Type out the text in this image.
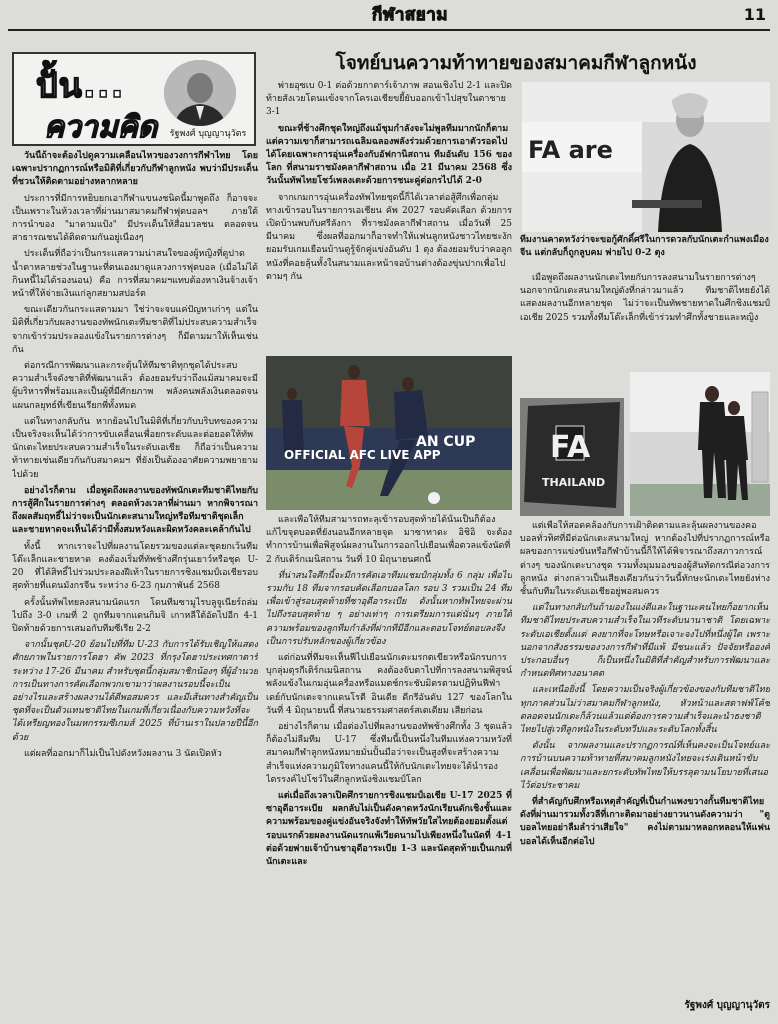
กีฬาสยาม	11
ปั้น...
ความคิด	รัฐพงศ์ บุญญานุวัตร
โจทย์บนความท้าทายของสมาคมกีฬาลูกหนัง

วันนี้ถ้าจะต้องไปดูความเคลื่อนไหวของวงการกีฬาไทย โดยเฉพาะปรากฏการณ์หรือมิติที่เกี่ยวกับกีฬาลูกหนัง พบว่ามีประเด็นที่ชวนให้ติดตามอย่างหลากหลาย

ประการที่มีการหยิบยกเอากีฬาแขนงชนิดนี้มาพูดถึง ก็อาจจะเป็นเพราะในห้วงเวลาที่ผ่านมาสมาคมกีฬาฟุตบอลฯ ภายใต้การนำของ "มาดามแป้ง" มีประเด็นให้สื่อมวลชน ตลอดจนสาธารณชนได้ติดตามกันอยู่เนืองๆ

ประเด็นที่ถือว่าเป็นกระแสความน่าสนใจของผู้หญิงที่ดูปาดน้ำตาหลายช่วงในฐานะที่ตนเองมาดูแลวงการฟุตบอล (เมื่อไม่ได้กินหนี้ไม่ได้รองนอน) คือ การที่สมาคมฯแทบต้องหาเงินจ้างเจ้าหน้าที่ให้จ่ายเงินแก่ลูกสยามสปอร์ต

ขณะเดียวกันกระแสตามมา ใช่ว่าจะจบแค่ปัญหาเก่าๆ แต่ในมิติที่เกี่ยวกับผลงานของทัพนักเตะทีมชาติที่ไม่ประสบความสำเร็จ จากเข้าร่วมประลองแข้งในรายการต่างๆ ก็มีตามมาให้เห็นเช่นกัน

ต่อกรณีการพัฒนาและกระตุ้นให้ทีมชาติทุกชุดได้ประสบความสำเร็จดังชาติที่พัฒนาแล้ว ต้องยอมรับว่าถึงแม้สมาคมจะมีผู้บริหารที่พร้อมและเป็นผู้ที่มีศักยภาพ พลังคนพลังเงินตลอดจนแผนกลยุทธ์ที่เขียนเรียกพี่ทั้งหมด

แต่ในทางกลับกัน หากย้อนไปในมิติที่เกี่ยวกับบริบทของความเป็นจริงจะเห็นได้ว่าการขับเคลื่อนเพื่อยกระดับและต่อยอดให้ทัพนักเตะไทยประสบความสำเร็จในระดับเอเชีย ก็ถือว่าเป็นความท้าทายเช่นเดียวกันกับสมาคมฯ ที่ยังเป็นต้องอาศัยความพยายามไปด้วย

อย่างไรก็ตาม เมื่อพูดถึงผลงานของทัพนักเตะทีมชาติไทยกับการสู้ศึกในรายการต่างๆ ตลอดห้วงเวลาที่ผ่านมา หากพิจารณาถึงผลสัมฤทธิ์ไม่ว่าจะเป็นนักเตะสนามใหญ่หรือทีมชาติชุดเล็กและชายหาดจะเห็นได้ว่ามีทั้งสมหวังและผิดหวังคละเคล้ากันไป

ทั้งนี้ หากเราจะไปที่ผลงานโดยรวมของแต่ละชุดยกเว้นทีมโต๊ะเล็กและชายหาด คงต้องเริ่มที่ทัพช้างศึกรุ่นเยาว์หรือชุด U-20 ที่ได้สิทธิ์ไปร่วมประลองฝีเท้าในรายการชิงแชมป์เอเชียรอบสุดท้ายที่แดนมังกรจีน ระหว่าง 6-23 กุมภาพันธ์ 2568

ครั้งนั้นทัพไทยลงสนามนัดแรก โดนทีมซามูไรบลูจูเนียร์ถล่มไปถึง 3-0 เกมที่ 2 ถูกทีมจากแดนกิมจิ เกาหลีใต้อัดไปอีก 4-1 ปิดท้ายด้วยการเสมอกับทีมซีเรีย 2-2

จากนั้นชุดU-20 ย้อนไปที่ทีม U-23 กับการได้รับเชิญให้แสดงศักยภาพในรายการโตฮา คัพ 2023 ที่กรุงโดฮาประเทศกาตาร์ ระหว่าง 17-26 มีนาคม สำหรับชุดนี้กลุ่มสมาชิกน้องๆ ที่ผู้อำนวยการเป็นทางการคัดเลือกพวกเขามาว่าผลงานรอบนี้จะเป็นอย่างไรและสร้างผลงานได้ดีพอสมควร และมีเส้นทางสำคัญเป็นชุดที่จะเป็นตัวแทนชาติไทยในเกมที่เกี่ยวเนื่องกับความหวังที่จะได้เหรียญทองในมหกรรมซีเกมส์ 2025 ที่บ้านเราในปลายปีนี้อีกด้วย

แต่ผลที่ออกมาก็ไม่เป็นไปดังหวังผลงาน 3 นัดเปิดหัว

พ่ายอุซเบ 0-1 ต่อด้วยกาตาร์เจ้าภาพ สอนเชิงไป 2-1 และปิดท้ายสังเวยโดนแข้งจากโครเอเชียขยี้ยับออกเข้าไปสุขในตาชาย 3-1

ขณะที่ช้างศึกชุดใหญ่ถึงแม้ชุมกำลังจะไม่พูลทีมมากนักก็ตามแต่ความเขาก็สามารถเฉลิมฉลองพลังร่วมด้วยการเอาตัวรอดไปได้โดยเฉพาะการอุ่นเครื่องกับอัฟกานิสถาน ทีมอันดับ 156 ของโลก ที่สนามราชมังคลากีฬาสถาน เมื่อ 21 มีนาคม 2568 ซึ่งวันนั้นทัพไทยโชว์เพลงเตะด้วยการชนะคู่ต่อกรไปได้ 2-0

จากเกมการอุ่นเครื่องทัพไทยชุดนี้ก็ได้เวลาต่อสู้ศึกเพื่อกลุ่มทางเข้ารอบในรายการเอเชียน คัพ 2027 รอบคัดเลือก ด้วยการเปิดบ้านพบกับศรีลังกา ที่ราชมังคลากีฬาสถาน เมื่อวันที่ 25 มีนาคม ซึ่งผลที่ออกมาก็อาจทำให้แฟนลูกหนังชาวไทยชะงักยอมรับเกมเยือนบ้านดูรู้จักคู่แข่งอันดับ 1 ตุง ต้องยอมรับว่าคอลูกหนังที่คอยลุ้นทั้งในสนามและหน้าจอบ้านต่างต้องขุ่นปากเพื่อไปตามๆ กัน

และเพื่อให้ทีมสามารถทะลุเข้ารอบสุดท้ายได้นั้นเป็นก็ต้องแก้ไขจุดบอดที่ยังนอนอีกหลายจุด มาซาทาดะ อิชิอิ จะต้องทำการบ้านเพื่อพิสูจน์ผลงานในการออกไปเยือนเพื่อตวลแข้งนัดที่ 2 กับเติร์กเมนิสถาน วันที่ 10 มิถุนายนศกนี้

ที่น่าสนใจศึกนี้จะมีการคัดเอาทีมแชมป์กลุ่มทั้ง 6 กลุ่ม เพื่อไปรวมกับ 18 ทีมจากรอบคัดเลือกบอลโลก รอบ 3 รวมเป็น 24 ทีมเพื่อเข้าสู่รอบสุดท้ายที่ซาอุดีอาระเบีย ดังนั้นหากทัพไทยจะผ่านไปถึงรอบสุดท้าย ๆ อย่างเท่าๆ การเตรียมการแต่นั่นๆ ภายใต้ความพร้อมของลูกทีมกำลังที่ฝากทีมีอีกและตอบโจทย์ตอบลงจึงเป็นการปรับหลักของผู้เกี่ยวข้อง

แต่ก่อนที่ทีมจะเห็นฟีไปเยือนนักเตะมรกตเขียวหรือนักรบการบุกลุ่มตุรกีเติร์กเมนิสถาน คงต้องจับตาไปที่การลงสนามพิสูจน์พลังแข้งในเกมอุ่นเครื่องหรือแมตช์กระชับมิตรตามปฏิทินฟีฟ่าเดย์กับนักเตะจากแดนโรตี อินเดีย ดีกรีอันดับ 127 ของโลกในวันที่ 4 มิถุนายนนี้ ที่สนามธรรมศาสตร์สเตเดียม เสียก่อน

อย่างไรก็ตาม เมื่อต่องไปที่ผลงานของทัพช้างศึกทั้ง 3 ชุดแล้วก็ต้องไม่ลืมทีม U-17 ซึ่งทีมนี้เป็นหนึ่งในทีมแห่งความหวังที่สมาคมกีฬาลูกหนังหมายมั่นปั้นมือว่าจะเป็นสูงที่จะสร้างความสำเร็จแห่งความภูมิใจทางแคนนี้ให้กับนักเตะไทยจะได้นำรองไตรรงค์ไปโชว์ในศึกลูกหนังชิงแชมป์โลก

แต่เมื่อถึงเวลาเปิดศึกรายการชิงแชมป์เอเชีย U-17 2025 ที่ซาอุดีอาระเบีย ผลกลับไม่เป็นดังคาดหวังนักเรียนดักเชิงชั้นและความพร้อมของคู่แข่งอันจริงจังทำให้ทัพวัยใสไทยต้องยอมตั้งแต่รอบแรกด้วยผลงานนัดแรกแพ้เวียดนามไปเพียงหนึ่งในนัดที่ 4-1 ต่อด้วยพ่ายเจ้าบ้านชาอุดีอาระเบีย 1-3 และนัดสุดท้ายเป็นเกมที่นักเตะและ

เมื่อพูดถึงผลงานนักเตะไทยกับการลงสนามในรายการต่างๆ นอกจากนักเตะสนามใหญ่ดังที่กล่าวมาแล้ว ทีมชาติไทยยังได้แสดงผลงานอีกหลายชุด ไม่ว่าจะเป็นทัพชายหาดในศึกชิงแชมป์เอเชีย 2025 รวมทั้งทีมโต๊ะเล็กที่เข้าร่วมทำศึกทั้งชายและหญิง

แต่เพื่อให้สอดคล้องกับการเฝ้าติดตามและลุ้นผลงานของคอบอลทั่วทิศที่มีต่อนักเตะสนามใหญ่ หากต้องไปที่ปรากฏการณ์หรือผลของการแข่งขันหรือกีฬาบ้านนี้ก็ให้ได้พิจารณาถึงสภาวการณ์ต่างๆ ของนักเตะบางชุด รวมทั้งมุมมองของผู้สันทัดกรณีต่อวงการลูกหนัง ต่างกล่าวเป็นเสียงเดียวกันว่าวันนี้ทักษะนักเตะไทยยังห่างชั้นกับทีมในระดับเอเชียอยู่พอสมควร

แต่ในทางกลับกันถ้ามองในแง่ดีและในฐานะคนไทยก็อยากเห็นทีมชาติไทยประสบความสำเร็จในเวทีระดับนานาชาติ โดยเฉพาะระดับเอเชียตั้งเเต่ คงยากที่จะโทษหรือเจาะจงไปที่หนึ่งผู้ใด เพราะนอกจากสังธรรมของวงการกีฬาที่มีแพ้ มีชนะแล้ว ปัจจัยหรือองค์ประกอบอื่นๆ ก็เป็นหนึ่งในมิติที่สำคัญสำหรับการพัฒนาและกำหนดทิศทางอนาคต

และเหนือยิ่งนี้ โดยความเป็นจริงผู้เกี่ยวข้องของกับทีมชาติไทยทุกภาคส่วนไม่ว่าสมาคมกีฬาลูกหนัง, หัวหน้าและสตาฟฟ์โค้ช ตลอดจนนักเตะก็ล้วนแล้วแต่ต้องการความสำเร็จและนำธงชาติไทยไปสู่เวทีลูกหนังในระดับทวีปและระดับโลกทั้งสิ้น

ดังนั้น จากผลงานและปรากฏการณ์ที่เห็นคงจะเป็นโจทย์และการบ้านบนความท้าทายที่สมาคมลูกหนังไทยจะเร่งเดินหน้าขับเคลื่อนเพื่อพัฒนาและยกระดับทัพไทยให้บรรลุตามนโยบายที่เสนอไว้ต่อประชาคม

ที่สำคัญกับศึกหรือเหตุสำคัญที่เป็นกำแพงขวางกั้นทีมชาติไทยดังที่ผ่านมารวมทั้งวลีที่เกาะติดมาอย่างยาวนานดังความว่า "ตูบอลไทยอย่าลืมลำว่าเสียใจ" คงไม่ตามมาหลอกหลอนให้แฟนบอลได้เห็นอีกต่อไป

FA are
ทีมงานคาดหวังว่าจะขอกู้ศักดิ์ศรีในการดวลกับนักเตะกำแพงเมืองจีน แต่กลับก็ถูกลูบคม พ่ายไป 0-2 ตุง
AN CUP
OFFICIAL AFC LIVE APP	FA
THAILAND
รัฐพงศ์ บุญญานุวัตร
